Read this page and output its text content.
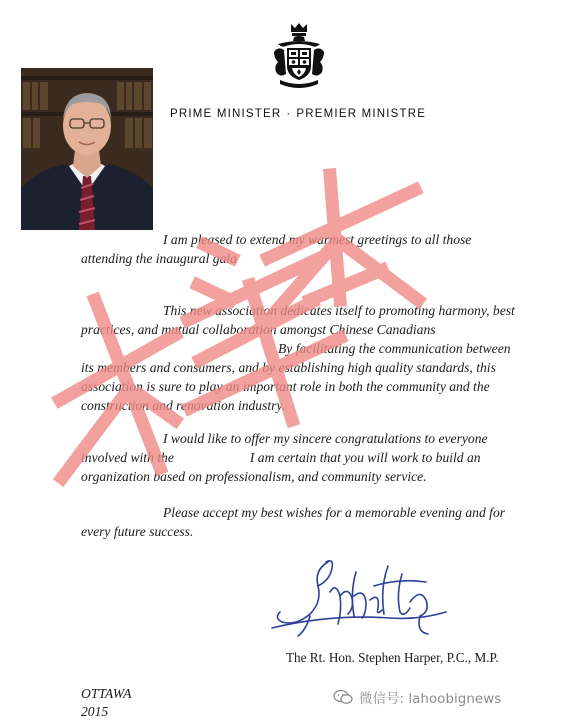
PRIME MINISTER · PREMIER MINISTRE

I am pleased to extend my warmest greetings to all those
attending the inaugural gala

This new association dedicates itself to promoting harmony, best
practices, and mutual collaboration amongst Chinese Canadians
By facilitating the communication between
its members and consumers, and by establishing high quality standards, this
association is sure to play an important role in both the community and the
construction and renovation industry.

I would like to offer my sincere congratulations to everyone
involved with the	I am certain that you will work to build an
organization based on professionalism, and community service.

Please accept my best wishes for a memorable evening and for
every future success.

The Rt. Hon. Stephen Harper, P.C., M.P.
OTTAWA
2015
微信号: lahoobignews
